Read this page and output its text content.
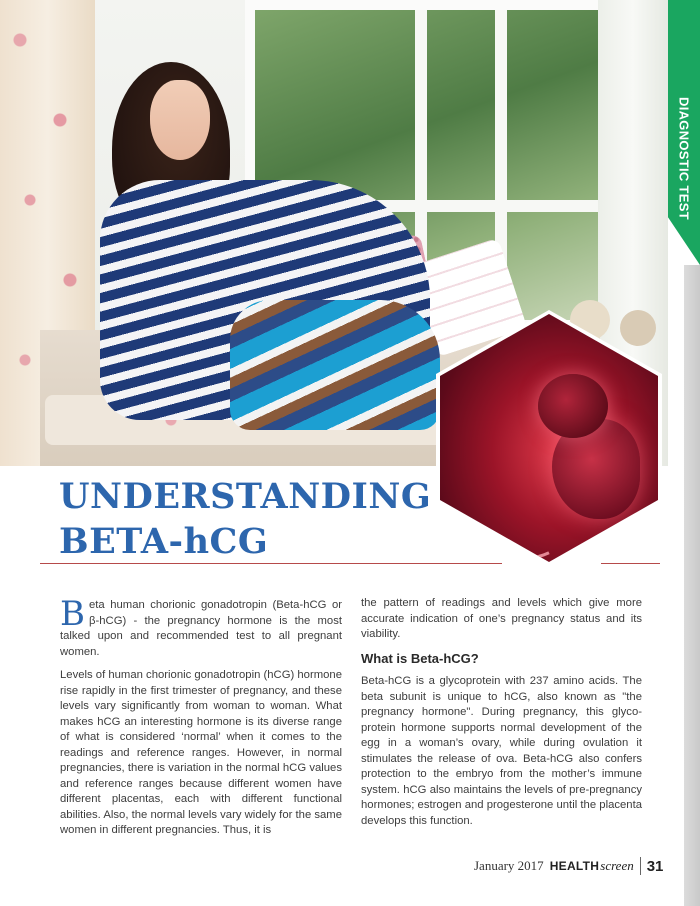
DIAGNOSTIC TEST
UNDERSTANDING
BETA-hCG

Beta human chorionic gonadotropin (Beta-hCG or β-hCG) - the pregnancy hormone is the most talked upon and recommended test to all pregnant women.

Levels of human chorionic gonadotropin (hCG) hormone rise rapidly in the first trimester of pregnancy, and these levels vary significantly from woman to woman. What makes hCG an interesting hormone is its diverse range of what is considered ‘normal’ when it comes to the readings and reference ranges. However, in normal pregnancies, there is variation in the normal hCG values and reference ranges because different women have different placentas, each with different functional abilities. Also, the normal levels vary widely for the same women in different pregnancies. Thus, it is

the pattern of readings and levels which give more accurate indication of one’s pregnancy status and its viability.

What is Beta-hCG?

Beta-hCG is a glycoprotein with 237 amino acids. The beta subunit is unique to hCG, also known as "the pregnancy hormone". During pregnancy, this glyco-protein hormone supports normal development of the egg in a woman’s ovary, while during ovulation it stimulates the release of ova. Beta-hCG also confers protection to the embryo from the mother’s immune system. hCG also maintains the levels of pre-pregnancy hormones; estrogen and progesterone until the placenta develops this function.

January 2017 HEALTH screen 31
